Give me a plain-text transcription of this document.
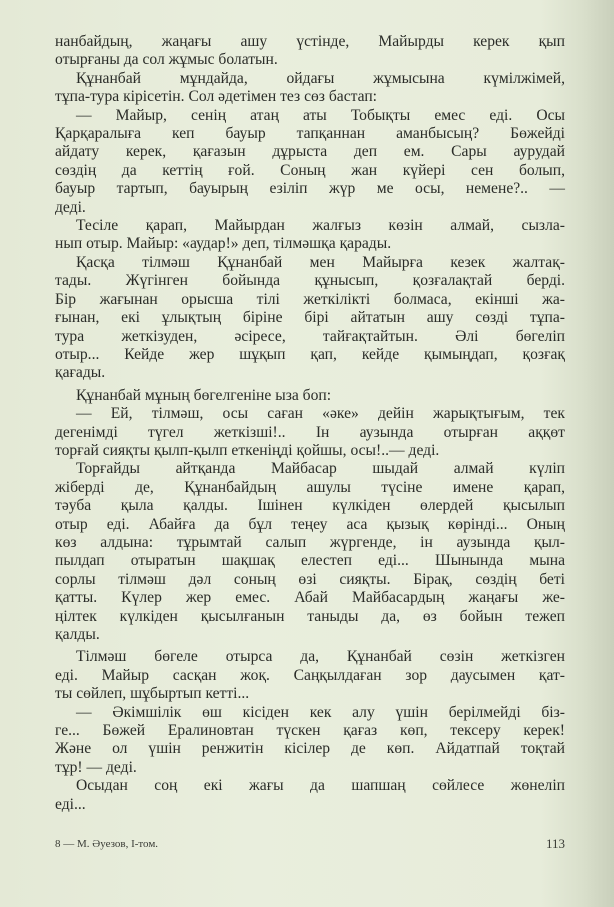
нанбайдың, жаңағы ашу үстінде, Майырды керек қып
отырғаны да сол жұмыс болатын.
Құнанбай мұндайда, ойдағы жұмысына күмілжімей,
тұпа-тура кірісетін. Сол әдетімен тез сөз бастап:
— Майыр, сенің атаң аты Тобықты емес еді. Осы
Қарқаралыға кеп бауыр тапқаннан аманбысың? Бөжейді
айдату керек, қағазын дұрыста деп ем. Сары аурудай
сөздің да кеттің ғой. Соның жан күйері сен болып,
бауыр тартып, бауырың езіліп жүр ме осы, немене?.. —
деді.
Тесіле қарап, Майырдан жалғыз көзін алмай, сызла-
нып отыр. Майыр: «аудар!» деп, тілмәшқа қарады.
Қасқа тілмәш Құнанбай мен Майырға кезек жалтақ-
тады. Жүгінген бойында құнысып, қозғалақтай берді.
Бір жағынан орысша тілі жеткілікті болмаса, екінші жа-
ғынан, екі ұлықтың біріне бірі айтатын ашу сөзді тұпа-
тура жеткізуден, әсіресе, тайғақтайтын. Әлі бөгеліп
отыр... Кейде жер шұқып қап, кейде қымыңдап, қозғақ
қағады.
Құнанбай мұның бөгелгеніне ыза боп:
— Ей, тілмәш, осы саған «әке» дейін жарықтығым, тек
дегенімді түгел жеткізші!.. Ін аузында отырған аққөт
торғай сияқты қылп-қылп еткеніңді қойшы, осы!..— деді.
Торғайды айтқанда Майбасар шыдай алмай күліп
жіберді де, Құнанбайдың ашулы түсіне имене қарап,
тәуба қыла қалды. Ішінен күлкіден өлердей қысылып
отыр еді. Абайға да бұл теңеу аса қызық көрінді... Оның
көз алдына: тұрымтай салып жүргенде, ін аузында қыл-
пылдап отыратын шақшақ елестеп еді... Шынында мына
сорлы тілмәш дәл соның өзі сияқты. Бірақ, сөздің беті
қатты. Күлер жер емес. Абай Майбасардың жаңағы же-
ңілтек күлкіден қысылғанын таныды да, өз бойын тежеп
қалды.
Тілмәш бөгеле отырса да, Құнанбай сөзін жеткізген
еді. Майыр сасқан жоқ. Саңқылдаған зор даусымен қат-
ты сөйлеп, шұбыртып кетті...
— Әкімшілік өш кісіден кек алу үшін берілмейді біз-
ге... Бөжей Ералиновтан түскен қағаз көп, тексеру керек!
Және ол үшін ренжитін кісілер де көп. Айдатпай тоқтай
тұр! — деді.
Осыдан соң екі жағы да шапшаң сөйлесе жөнеліп
еді...
8 — М. Әуезов, I-том.	113
